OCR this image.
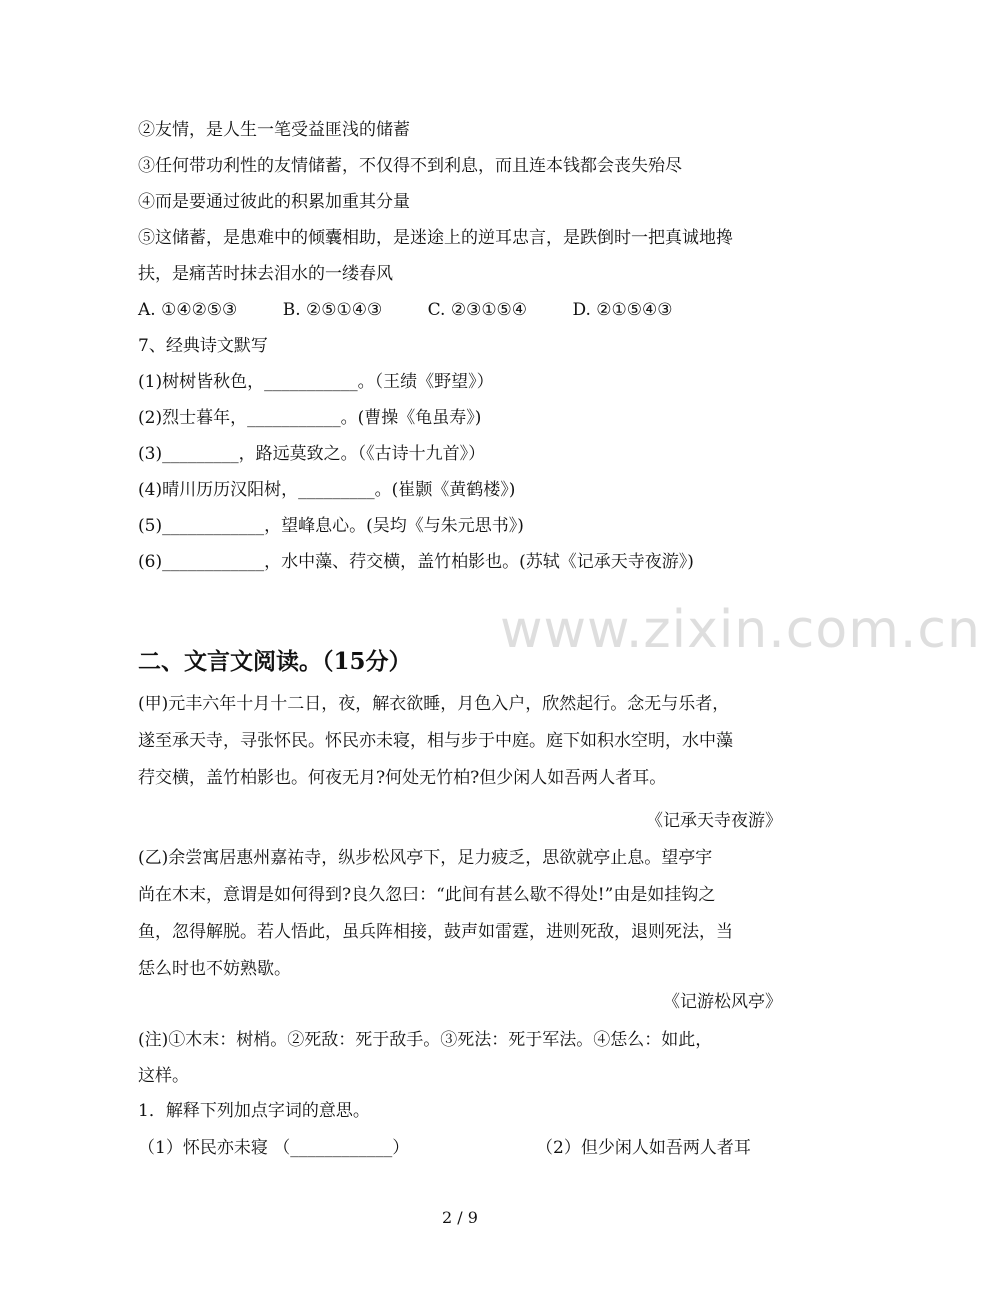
②友情，是人生一笔受益匪浅的储蓄
③任何带功利性的友情储蓄，不仅得不到利息，而且连本钱都会丧失殆尽
④而是要通过彼此的积累加重其分量
⑤这储蓄，是患难中的倾囊相助，是迷途上的逆耳忠言，是跌倒时一把真诚地搀
扶，是痛苦时抹去泪水的一缕春风
A. ①④②⑤③	B. ②⑤①④③	C. ②③①⑤④	D. ②①⑤④③
7、经典诗文默写
(1)树树皆秋色，___________。（王绩《野望》）
(2)烈士暮年，___________。(曹操《龟虽寿》)
(3)_________，路远莫致之。（《古诗十九首》）
(4)晴川历历汉阳树，_________。(崔颢《黄鹤楼》)
(5)____________，望峰息心。(吴均《与朱元思书》)
(6)____________，水中藻、荇交横，盖竹柏影也。(苏轼《记承天寺夜游》)
www.zixin.com.cn
二、文言文阅读。（15分）
(甲)元丰六年十月十二日，夜，解衣欲睡，月色入户，欣然起行。念无与乐者，
遂至承天寺，寻张怀民。怀民亦未寝，相与步于中庭。庭下如积水空明，水中藻
荇交横，盖竹柏影也。何夜无月?何处无竹柏?但少闲人如吾两人者耳。
《记承天寺夜游》
(乙)余尝寓居惠州嘉祐寺，纵步松风亭下，足力疲乏，思欲就亭止息。望亭宇
尚在木末，意谓是如何得到?良久忽曰：“此间有甚么歇不得处!”由是如挂钩之
鱼，忽得解脱。若人悟此，虽兵阵相接，鼓声如雷霆，进则死敌，退则死法，当
恁么时也不妨熟歇。
《记游松风亭》
(注)①木末：树梢。②死敌：死于敌手。③死法：死于军法。④恁么：如此，
这样。
1．解释下列加点字词的意思。
（1）怀民亦未寝 （____________）	（2）但少闲人如吾两人者耳
2 / 9
